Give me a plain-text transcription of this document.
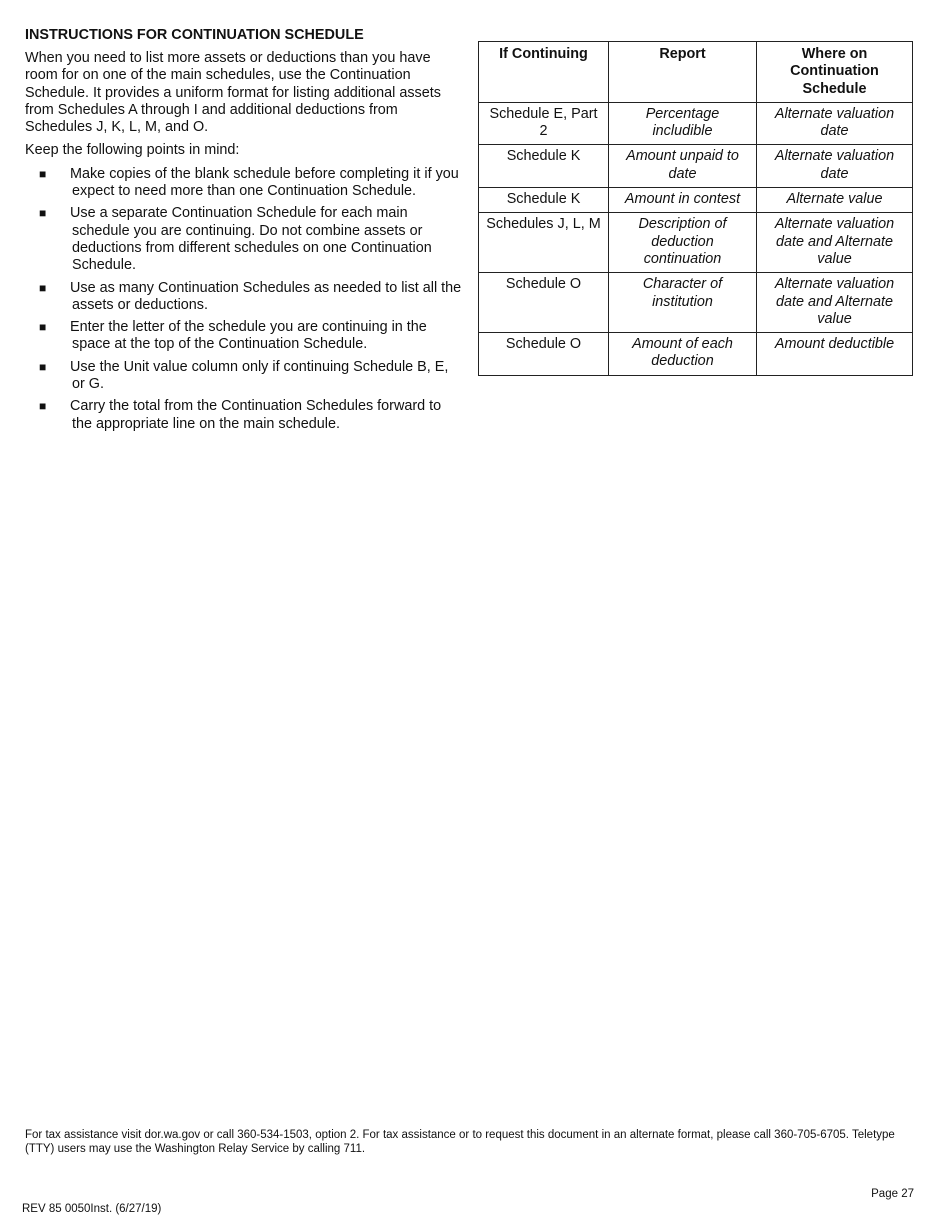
INSTRUCTIONS FOR CONTINUATION SCHEDULE
When you need to list more assets or deductions than you have room for on one of the main schedules, use the Continuation Schedule. It provides a uniform format for listing additional assets from Schedules A through I and additional deductions from Schedules J, K, L, M, and O.
Keep the following points in mind:
■ Make copies of the blank schedule before completing it if you expect to need more than one Continuation Schedule.
■ Use a separate Continuation Schedule for each main schedule you are continuing. Do not combine assets or deductions from different schedules on one Continuation Schedule.
■ Use as many Continuation Schedules as needed to list all the assets or deductions.
■ Enter the letter of the schedule you are continuing in the space at the top of the Continuation Schedule.
■ Use the Unit value column only if continuing Schedule B, E, or G.
■ Carry the total from the Continuation Schedules forward to the appropriate line on the main schedule.
If Continuing	Report	Where on Continuation Schedule
Schedule E, Part 2	Percentage includible	Alternate valuation date
Schedule K	Amount unpaid to date	Alternate valuation date
Schedule K	Amount in contest	Alternate value
Schedules J, L, M	Description of deduction continuation	Alternate valuation date and Alternate value
Schedule O	Character of institution	Alternate valuation date and Alternate value
Schedule O	Amount of each deduction	Amount deductible
For tax assistance visit dor.wa.gov or call 360-534-1503, option 2. For tax assistance or to request this document in an alternate format, please call 360-705-6705. Teletype (TTY) users may use the Washington Relay Service by calling 711.
Page 27
REV 85 0050Inst. (6/27/19)
